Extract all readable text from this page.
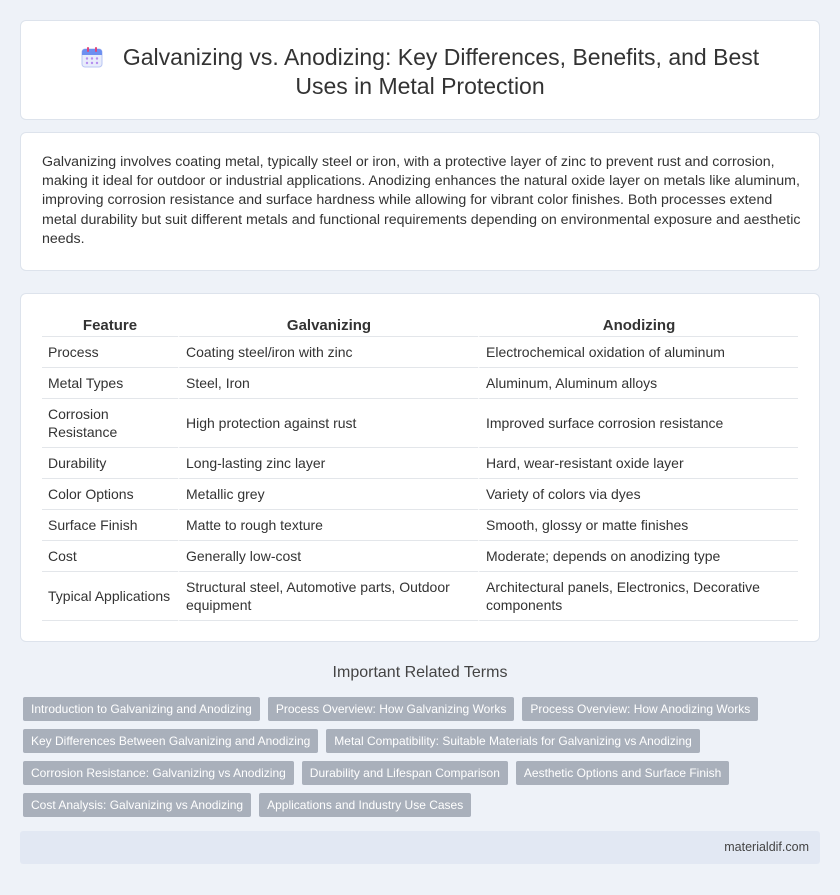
Galvanizing vs. Anodizing: Key Differences, Benefits, and Best
Uses in Metal Protection

Galvanizing involves coating metal, typically steel or iron, with a protective layer of zinc to prevent rust and corrosion, making it ideal for outdoor or industrial applications. Anodizing enhances the natural oxide layer on metals like aluminum, improving corrosion resistance and surface hardness while allowing for vibrant color finishes. Both processes extend metal durability but suit different metals and functional requirements depending on environmental exposure and aesthetic needs.

Feature	Galvanizing	Anodizing
Process	Coating steel/iron with zinc	Electrochemical oxidation of aluminum
Metal Types	Steel, Iron	Aluminum, Aluminum alloys
Corrosion Resistance	High protection against rust	Improved surface corrosion resistance
Durability	Long-lasting zinc layer	Hard, wear-resistant oxide layer
Color Options	Metallic grey	Variety of colors via dyes
Surface Finish	Matte to rough texture	Smooth, glossy or matte finishes
Cost	Generally low-cost	Moderate; depends on anodizing type
Typical Applications	Structural steel, Automotive parts, Outdoor equipment	Architectural panels, Electronics, Decorative components
Important Related Terms
Introduction to Galvanizing and Anodizing	Process Overview: How Galvanizing Works	Process Overview: How Anodizing Works
Key Differences Between Galvanizing and Anodizing	Metal Compatibility: Suitable Materials for Galvanizing vs Anodizing
Corrosion Resistance: Galvanizing vs Anodizing	Durability and Lifespan Comparison	Aesthetic Options and Surface Finish
Cost Analysis: Galvanizing vs Anodizing	Applications and Industry Use Cases
materialdif.com
